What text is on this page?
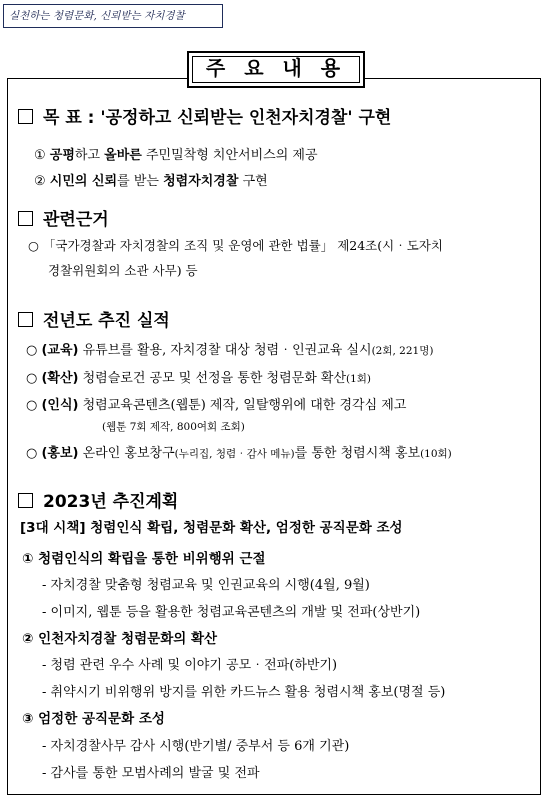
실천하는 청렴문화, 신뢰받는 자치경찰
주 요 내 용
목 표 : '공정하고 신뢰받는 인천자치경찰' 구현
① 공평하고 올바른 주민밀착형 치안서비스의 제공
② 시민의 신뢰를 받는 청렴자치경찰 구현
관련근거
○ 「국가경찰과 자치경찰의 조직 및 운영에 관한 법률」 제24조(시‧도자치
경찰위원회의 소관 사무) 등
전년도 추진 실적
○ (교육) 유튜브를 활용, 자치경찰 대상 청렴‧인권교육 실시(2회, 221명)
○ (확산) 청렴슬로건 공모 및 선정을 통한 청렴문화 확산(1회)
○ (인식) 청렴교육콘텐츠(웹툰) 제작, 일탈행위에 대한 경각심 제고
(웹툰 7회 제작, 800여회 조회)
○ (홍보) 온라인 홍보창구(누리집, 청렴‧감사 메뉴)를 통한 청렴시책 홍보(10회)
2023년 추진계획
[3대 시책] 청렴인식 확립, 청렴문화 확산, 엄정한 공직문화 조성
① 청렴인식의 확립을 통한 비위행위 근절
- 자치경찰 맞춤형 청렴교육 및 인권교육의 시행(4월, 9월)
- 이미지, 웹툰 등을 활용한 청렴교육콘텐츠의 개발 및 전파(상반기)
② 인천자치경찰 청렴문화의 확산
- 청렴 관련 우수 사례 및 이야기 공모‧전파(하반기)
- 취약시기 비위행위 방지를 위한 카드뉴스 활용 청렴시책 홍보(명절 등)
③ 엄정한 공직문화 조성
- 자치경찰사무 감사 시행(반기별/ 중부서 등 6개 기관)
- 감사를 통한 모범사례의 발굴 및 전파
